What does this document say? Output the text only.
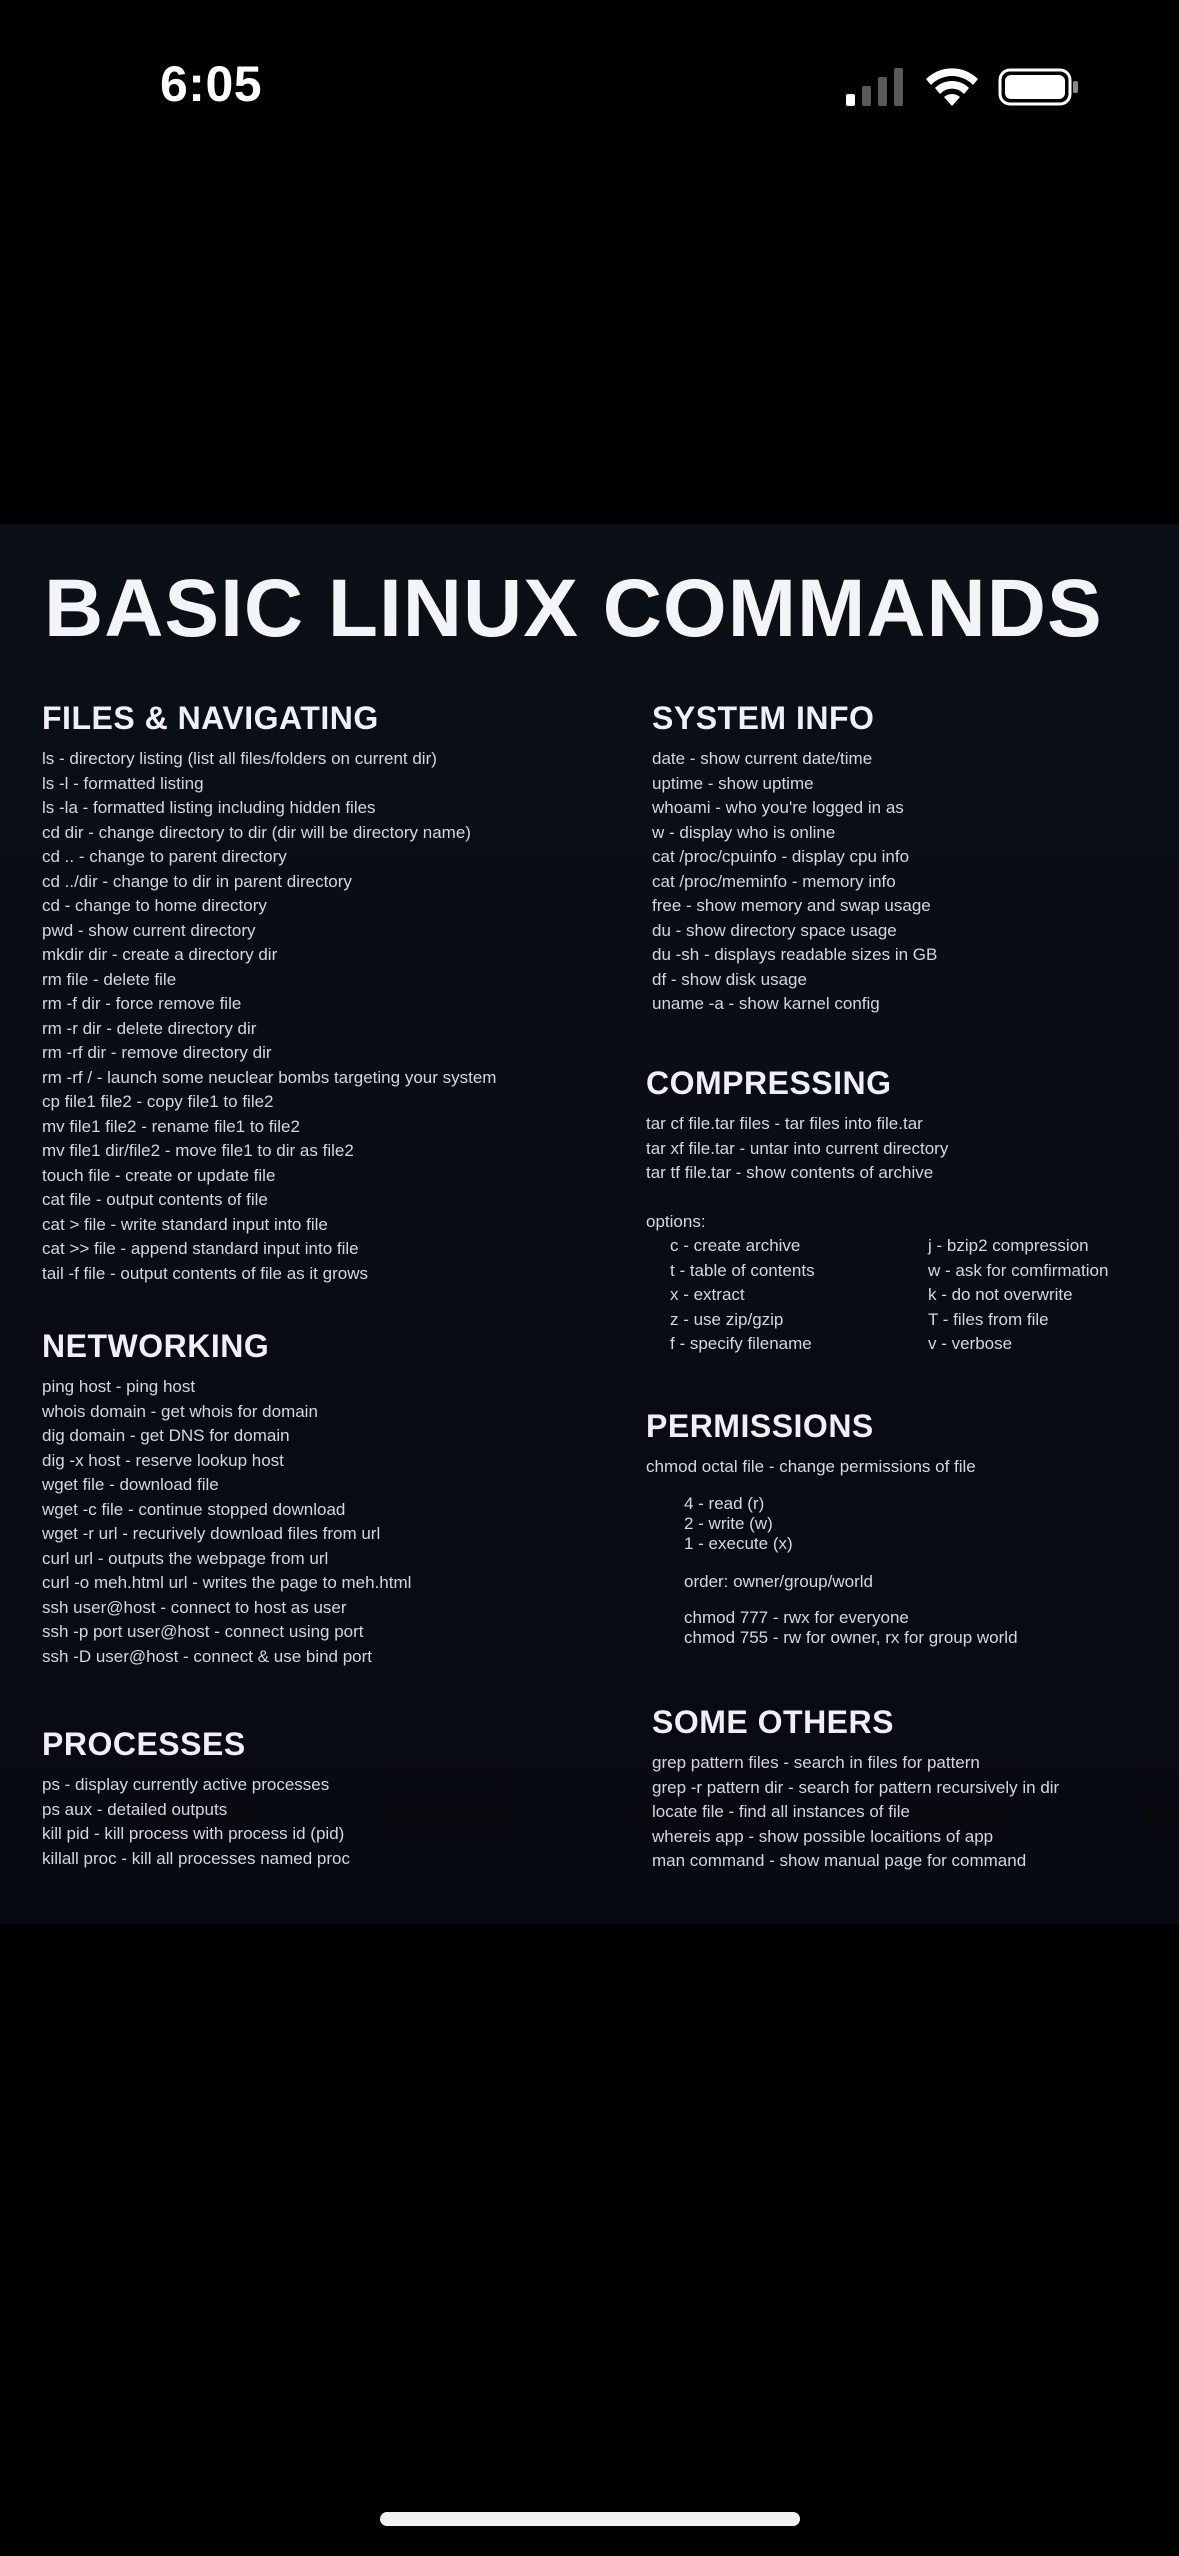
6:05
BASIC LINUX COMMANDS
FILES & NAVIGATING
ls - directory listing (list all files/folders on current dir)
ls -l - formatted listing
ls -la - formatted listing including hidden files
cd dir - change directory to dir (dir will be directory name)
cd .. - change to parent directory
cd ../dir - change to dir in parent directory
cd - change to home directory
pwd - show current directory
mkdir dir - create a directory dir
rm file - delete file
rm -f dir - force remove file
rm -r dir - delete directory dir
rm -rf dir - remove directory dir
rm -rf / - launch some neuclear bombs targeting your system
cp file1 file2 - copy file1 to file2
mv file1 file2 - rename file1 to file2
mv file1 dir/file2 - move file1 to dir as file2
touch file - create or update file
cat file - output contents of file
cat > file - write standard input into file
cat >> file - append standard input into file
tail -f file - output contents of file as it grows
NETWORKING
ping host - ping host
whois domain - get whois for domain
dig domain - get DNS for domain
dig -x host - reserve lookup host
wget file - download file
wget -c file - continue stopped download
wget -r url - recurively download files from url
curl url - outputs the webpage from url
curl -o meh.html url - writes the page to meh.html
ssh user@host - connect to host as user
ssh -p port user@host - connect using port
ssh -D user@host - connect & use bind port
PROCESSES
ps - display currently active processes
ps aux - detailed outputs
kill pid - kill process with process id (pid)
killall proc - kill all processes named proc
SYSTEM INFO
date - show current date/time
uptime - show uptime
whoami - who you're logged in as
w - display who is online
cat /proc/cpuinfo - display cpu info
cat /proc/meminfo - memory info
free - show memory and swap usage
du - show directory space usage
du -sh - displays readable sizes in GB
df - show disk usage
uname -a - show karnel config
COMPRESSING
tar cf file.tar files - tar files into file.tar
tar xf file.tar - untar into current directory
tar tf file.tar - show contents of archive
options:
c - create archive
t - table of contents
x - extract
z - use zip/gzip
f - specify filename
j - bzip2 compression
w - ask for comfirmation
k - do not overwrite
T - files from file
v - verbose
PERMISSIONS
chmod octal file - change permissions of file
4 - read (r)
2 - write (w)
1 - execute (x)
order: owner/group/world
chmod 777 - rwx for everyone
chmod 755 - rw for owner, rx for group world
SOME OTHERS
grep pattern files - search in files for pattern
grep -r pattern dir - search for pattern recursively in dir
locate file - find all instances of file
whereis app - show possible locaitions of app
man command - show manual page for command
